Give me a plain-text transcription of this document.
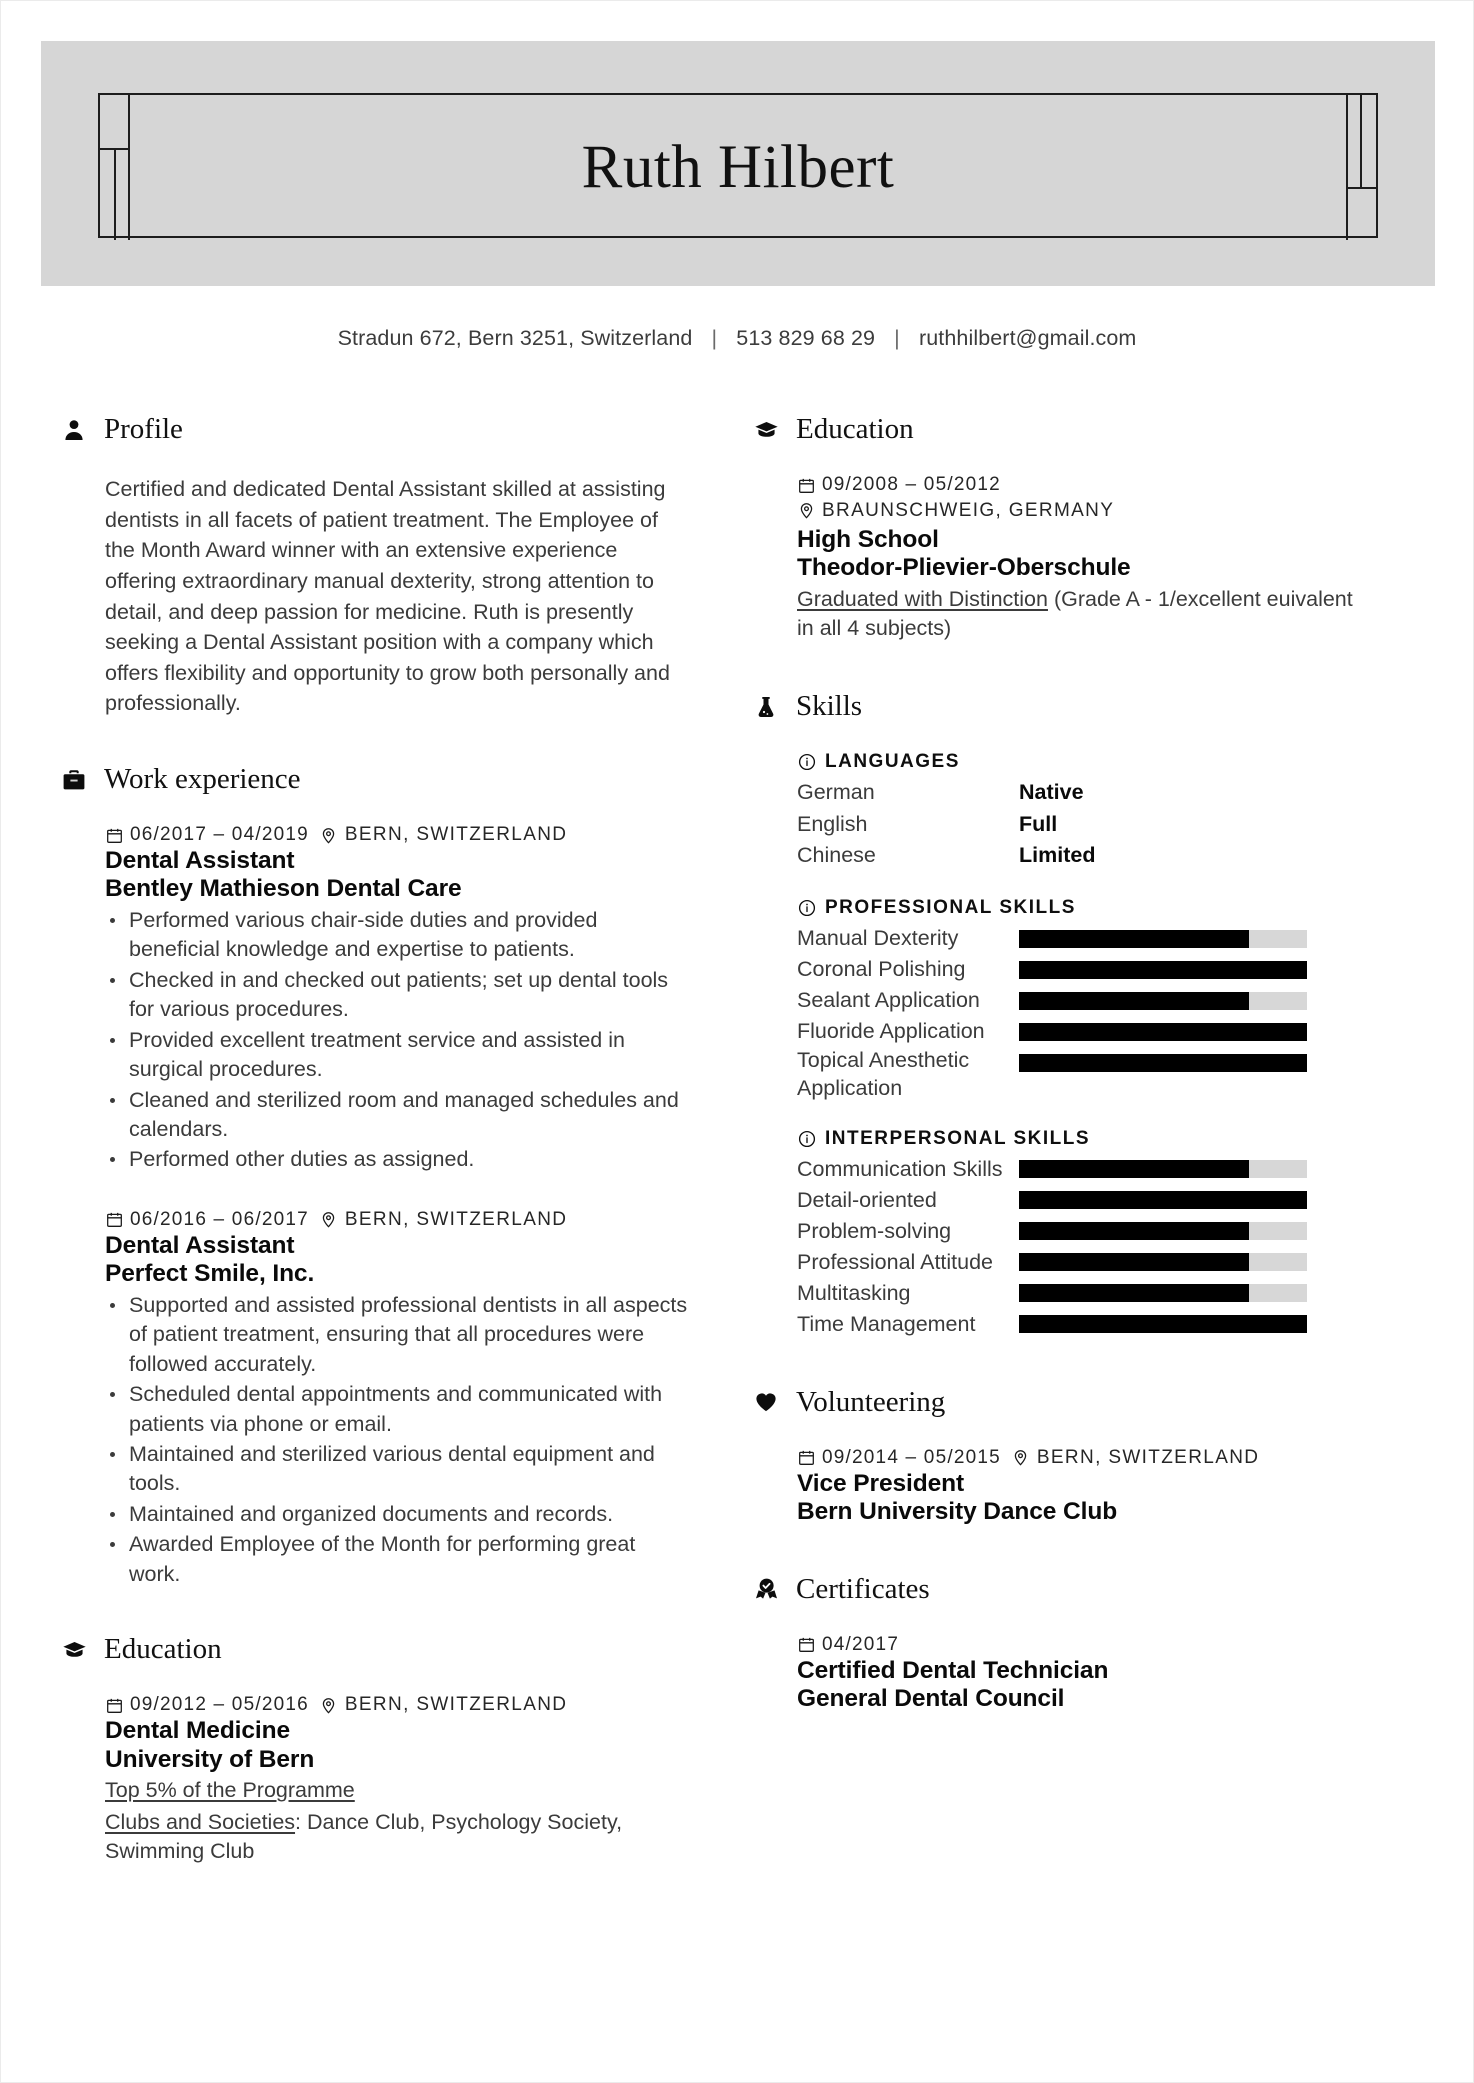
Ruth Hilbert
Stradun 672, Bern 3251, Switzerland | 513 829 68 29 | ruthhilbert@gmail.com
Profile
Certified and dedicated Dental Assistant skilled at assisting dentists in all facets of patient treatment. The Employee of the Month Award winner with an extensive experience offering extraordinary manual dexterity, strong attention to detail, and deep passion for medicine. Ruth is presently seeking a Dental Assistant position with a company which offers flexibility and opportunity to grow both personally and professionally.
Work experience
06/2017 – 04/2019 BERN, SWITZERLAND
Dental Assistant
Bentley Mathieson Dental Care
Performed various chair-side duties and provided beneficial knowledge and expertise to patients.
Checked in and checked out patients; set up dental tools for various procedures.
Provided excellent treatment service and assisted in surgical procedures.
Cleaned and sterilized room and managed schedules and calendars.
Performed other duties as assigned.
06/2016 – 06/2017 BERN, SWITZERLAND
Dental Assistant
Perfect Smile, Inc.
Supported and assisted professional dentists in all aspects of patient treatment, ensuring that all procedures were followed accurately.
Scheduled dental appointments and communicated with patients via phone or email.
Maintained and sterilized various dental equipment and tools.
Maintained and organized documents and records.
Awarded Employee of the Month for performing great work.
Education
09/2012 – 05/2016 BERN, SWITZERLAND
Dental Medicine
University of Bern
Top 5% of the Programme
Clubs and Societies: Dance Club, Psychology Society, Swimming Club
Education
09/2008 – 05/2012

BRAUNSCHWEIG, GERMANY
High School
Theodor-Plievier-Oberschule
Graduated with Distinction (Grade A - 1/excellent euivalent in all 4 subjects)
Skills
LANGUAGES
German	Native
English	Full
Chinese	Limited
PROFESSIONAL SKILLS
Manual Dexterity
Coronal Polishing
Sealant Application
Fluoride Application
Topical Anesthetic Application
INTERPERSONAL SKILLS
Communication Skills
Detail-oriented
Problem-solving
Professional Attitude
Multitasking
Time Management
Volunteering
09/2014 – 05/2015 BERN, SWITZERLAND
Vice President
Bern University Dance Club
Certificates
04/2017
Certified Dental Technician
General Dental Council
